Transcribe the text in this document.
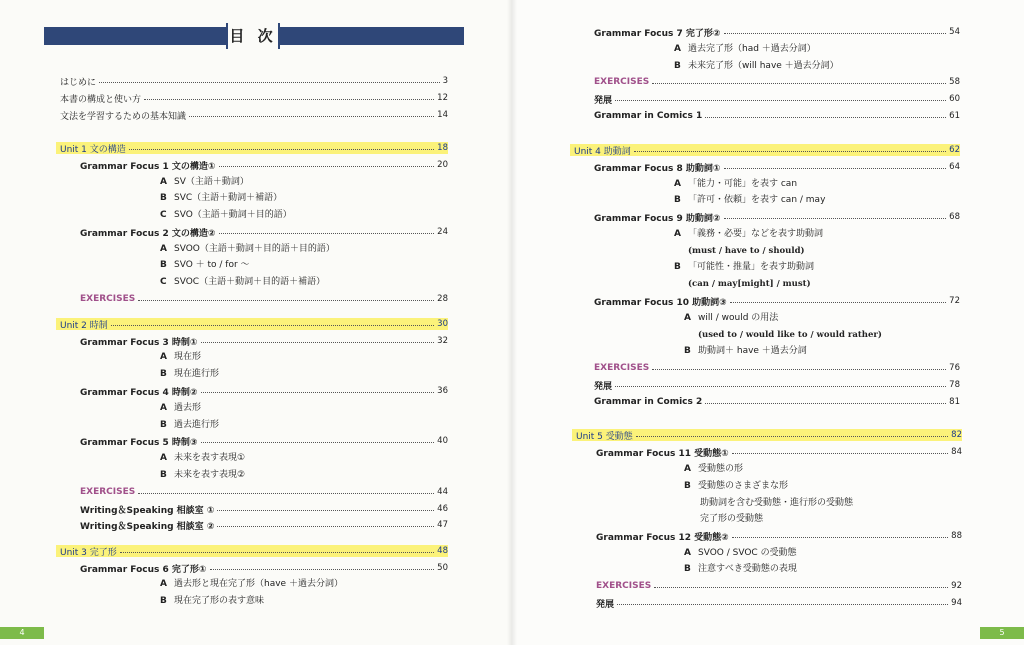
目 次
はじめに	3
本書の構成と使い方	12
文法を学習するための基本知識	14
Unit 1 文の構造	18
Grammar Focus 1 文の構造①	20
A SV（主語＋動詞）
B SVC（主語＋動詞＋補語）
C SVO（主語＋動詞＋目的語）
Grammar Focus 2 文の構造②	24
A SVOO（主語＋動詞＋目的語＋目的語）
B SVO ＋ to / for ～
C SVOC（主語＋動詞＋目的語＋補語）
EXERCISES	28
Unit 2 時制	30
Grammar Focus 3 時制①	32
A 現在形
B 現在進行形
Grammar Focus 4 時制②	36
A 過去形
B 過去進行形
Grammar Focus 5 時制③	40
A 未来を表す表現①
B 未来を表す表現②
EXERCISES	44
Writing＆Speaking 相談室 ①	46
Writing＆Speaking 相談室 ②	47
Unit 3 完了形	48
Grammar Focus 6 完了形①	50
A 過去形と現在完了形（have ＋過去分詞）
B 現在完了形の表す意味
4
Grammar Focus 7 完了形②	54
A 過去完了形（had ＋過去分詞）
B 未来完了形（will have ＋過去分詞）
EXERCISES	58
発展	60
Grammar in Comics 1	61
Unit 4 助動詞	62
Grammar Focus 8 助動詞①	64
A 「能力・可能」を表す can
B 「許可・依頼」を表す can / may
Grammar Focus 9 助動詞②	68
A 「義務・必要」などを表す助動詞
(must / have to / should)
B 「可能性・推量」を表す助動詞
(can / may[might] / must)
Grammar Focus 10 助動詞③	72
A will / would の用法
(used to / would like to / would rather)
B 助動詞＋ have ＋過去分詞
EXERCISES	76
発展	78
Grammar in Comics 2	81
Unit 5 受動態	82
Grammar Focus 11 受動態①	84
A 受動態の形
B 受動態のさまざまな形
助動詞を含む受動態・進行形の受動態
完了形の受動態
Grammar Focus 12 受動態②	88
A SVOO / SVOC の受動態
B 注意すべき受動態の表現
EXERCISES	92
発展	94
5
